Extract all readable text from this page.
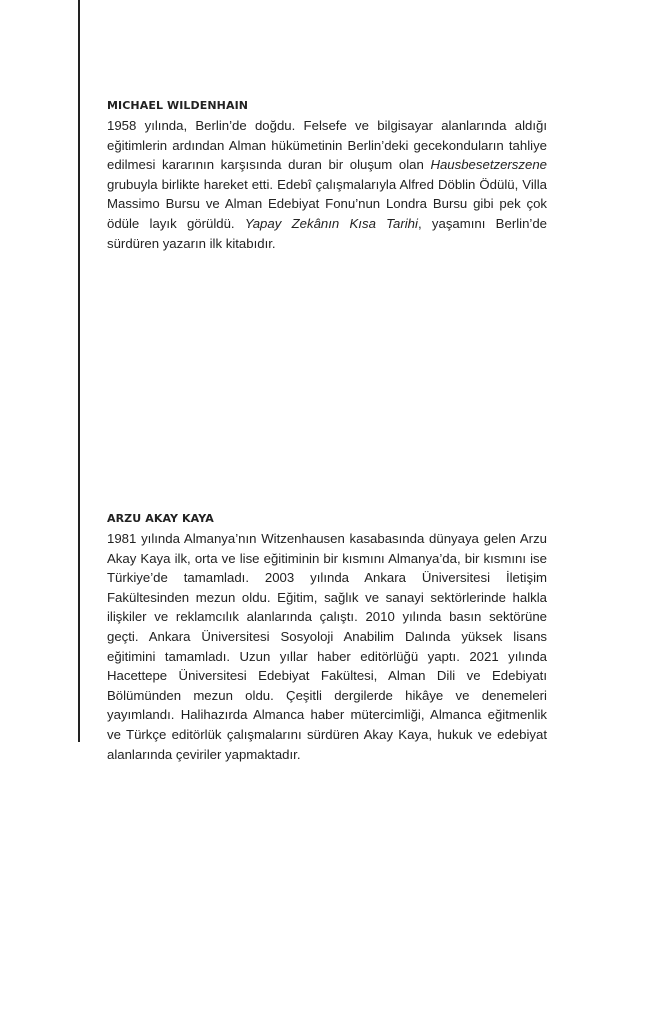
MICHAEL WILDENHAIN

1958 yılında, Berlin’de doğdu. Felsefe ve bilgisayar alanlarında aldığı eğitimlerin ardından Alman hükümetinin Berlin’deki gecekonduların tahliye edilmesi kararının karşısında duran bir oluşum olan Hausbesetzerszene grubuyla birlikte hareket etti. Edebî çalışmalarıyla Alfred Döblin Ödülü, Villa Massimo Bursu ve Alman Edebiyat Fonu’nun Londra Bursu gibi pek çok ödüle layık görüldü. Yapay Zekânın Kısa Tarihi, yaşamını Berlin’de sürdüren yazarın ilk kitabıdır.

ARZU AKAY KAYA

1981 yılında Almanya’nın Witzenhausen kasabasında dünyaya gelen Arzu Akay Kaya ilk, orta ve lise eğitiminin bir kısmını Almanya’da, bir kısmını ise Türkiye’de tamamladı. 2003 yılında Ankara Üniversitesi İletişim Fakültesinden mezun oldu. Eğitim, sağlık ve sanayi sektörlerinde halkla ilişkiler ve reklamcılık alanlarında çalıştı. 2010 yılında basın sektörüne geçti. Ankara Üniversitesi Sosyoloji Anabilim Dalında yüksek lisans eğitimini tamamladı. Uzun yıllar haber editörlüğü yaptı. 2021 yılında Hacettepe Üniversitesi Edebiyat Fakültesi, Alman Dili ve Edebiyatı Bölümünden mezun oldu. Çeşitli dergilerde hikâye ve denemeleri yayımlandı. Halihazırda Almanca haber mütercimliği, Almanca eğitmenlik ve Türkçe editörlük çalışmalarını sürdüren Akay Kaya, hukuk ve edebiyat alanlarında çeviriler yapmaktadır.
